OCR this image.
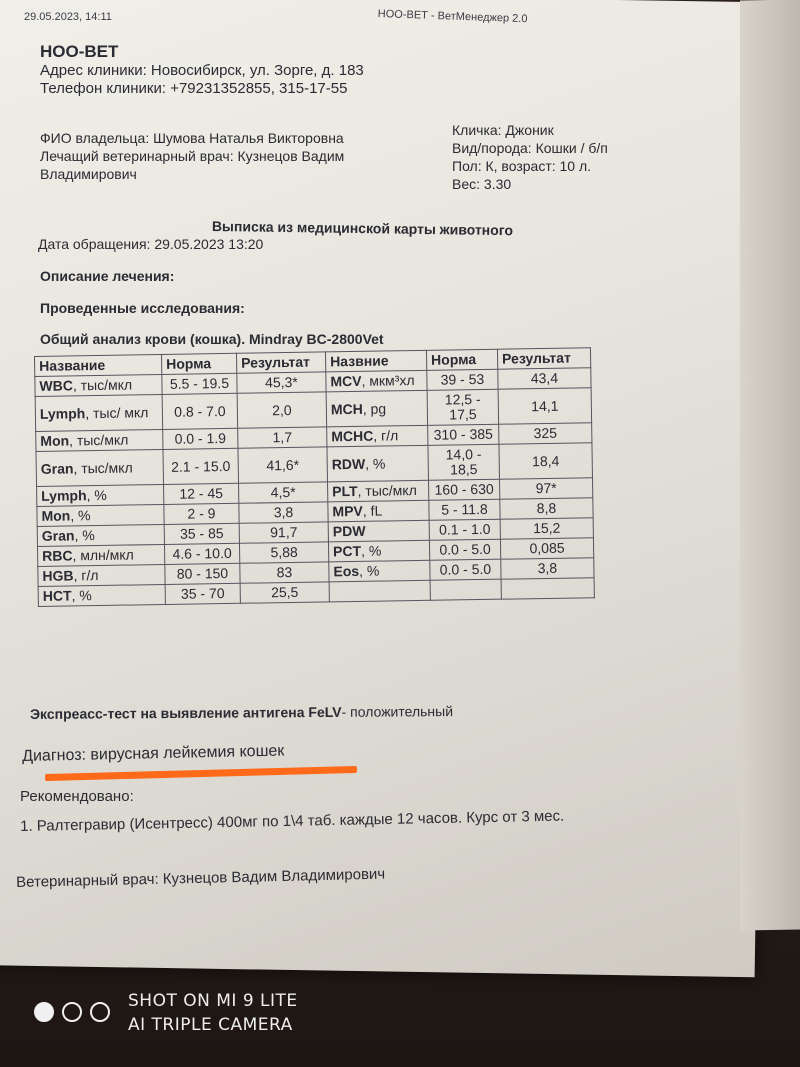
29.05.2023, 14:11	НОО-ВЕТ - ВетМенеджер 2.0
НОО-ВЕТ
Адрес клиники: Новосибирск, ул. Зорге, д. 183
Телефон клиники: +79231352855, 315-17-55
ФИО владельца: Шумова Наталья Викторовна
Лечащий ветеринарный врач: Кузнецов Вадим
Владимирович
Кличка: Джоник
Вид/порода: Кошки / б/п
Пол: К, возраст: 10 л.
Вес: 3.30
Выписка из медицинской карты животного
Дата обращения: 29.05.2023 13:20
Описание лечения:
Проведенные исследования:
Общий анализ крови (кошка). Mindray BC-2800Vet
Название	Норма	Результат	Назвние	Норма	Результат
WBC, тыс/мкл	5.5 - 19.5	45,3*	MCV, мкм³хл	39 - 53	43,4
Lymph, тыс/ мкл	0.8 - 7.0	2,0	MCH, pg	12,5 - 17,5	14,1
Mon, тыс/мкл	0.0 - 1.9	1,7	MCHC, г/л	310 - 385	325
Gran, тыс/мкл	2.1 - 15.0	41,6*	RDW, %	14,0 - 18,5	18,4
Lymph, %	12 - 45	4,5*	PLT, тыс/мкл	160 - 630	97*
Mon, %	2 - 9	3,8	MPV, fL	5 - 11.8	8,8
Gran, %	35 - 85	91,7	PDW	0.1 - 1.0	15,2
RBC, млн/мкл	4.6 - 10.0	5,88	PCT, %	0.0 - 5.0	0,085
HGB, г/л	80 - 150	83	Eos, %	0.0 - 5.0	3,8
HCT, %	35 - 70	25,5			
Экспреасс-тест на выявление антигена FeLV- положительный
Диагноз: вирусная лейкемия кошек
Рекомендовано:
1. Ралтегравир (Исентресс) 400мг по 1\4 таб. каждые 12 часов. Курс от 3 мес.
Ветеринарный врач: Кузнецов Вадим Владимирович
SHOT ON MI 9 LITE
AI TRIPLE CAMERA
